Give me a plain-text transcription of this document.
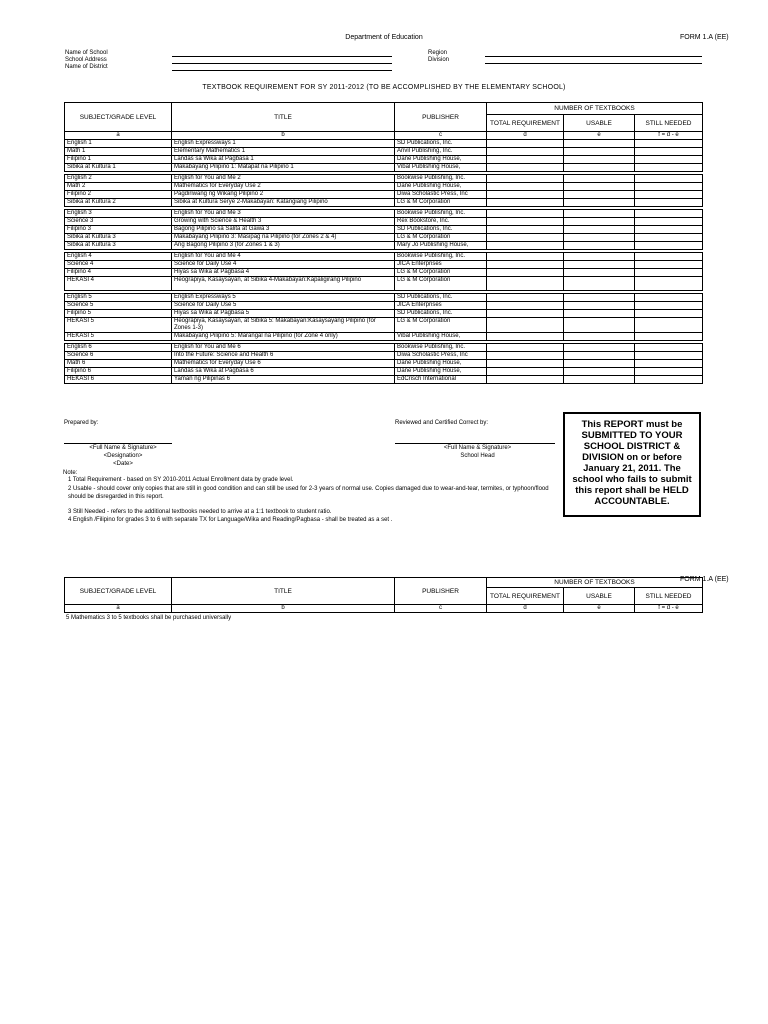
Department of Education	FORM 1.A (EE)
Name of School
School Address
Name of District
Region
Division
TEXTBOOK REQUIREMENT FOR SY 2011-2012 (TO BE ACCOMPLISHED BY THE ELEMENTARY SCHOOL)
SUBJECT/GRADE LEVEL	TITLE	PUBLISHER	NUMBER OF TEXTBOOKS		
			TOTAL REQUIREMENT	USABLE	STILL NEEDED
a	b	c	d	e	f = d - e
English 1	English Expressways 1	SD Publications, Inc.			
Math 1	Elementary Mathematics 1	Anvil Publishing, Inc.			
Filipino 1	Landas sa Wika at Pagbasa 1	Dane Publishing House,			
Sibika at Kultura 1	Makabayang Pilipino 1: Matapat na Pilipino 1	Vibal Publishing House,			

English 2	English for You and Me 2	Bookwise Publishing, Inc.			
Math 2	Mathematics for Everyday Use 2	Dane Publishing House,			
Filipino 2	Pagdiriwang ng Wikang Pilipino 2	Diwa Scholastic Press, Inc			
Sibika at Kultura 2	Sibika at Kultura Serye 2-Makabayan: Katangiang Pilipino	LG & M Corporation			

English 3	English for You and Me 3	Bookwise Publishing, Inc.			
Science 3	Growing with Science & Health 3	Rex Bookstore, Inc.			
Filipino 3	Bagong Pilipino sa Salita at Gawa 3	SD Publications, Inc.			
Sibika at Kultura 3	Makabayang Pilipino 3: Masipag na Pilipino (for Zones 2 & 4)	LG & M Corporation			
Sibika at Kultura 3	Ang Bagong Pilipino 3 (for Zones 1 & 3)	Mary Jo Publishing House,			

English 4	English for You and Me 4	Bookwise Publishing, Inc.			
Science 4	Science for Daily Use 4	JICA Enterprises			
Filipino 4	Hiyas sa Wika at Pagbasa 4	LG & M Corporation			
HEKASI 4	Heograpiya, Kasaysayan, at Sibika 4-Makabayan:Kapaligirang Pilipino	LG & M Corporation			

English 5	English Expressways 5	SD Publications, Inc.			
Science 5	Science for Daily Use 5	JICA Enterprises			
Filipino 5	Hiyas sa Wika at Pagbasa 5	SD Publications, Inc.			
HEKASI 5	Heograpiya, Kasaysayan, at Sibika 5: Makabayan:Kasaysayang Pilipino (for Zones 1-3)	LG & M Corporation			
HEKASI 5	Makabayang Pilipino 5: Marangal na Pilipino (for Zone 4 only)	Vibal Publishing House,			

English 6	English for You and Me 6	Bookwise Publishing, Inc.			
Science 6	Into the Future: Science and Health 6	Diwa Scholastic Press, Inc			
Math 6	Mathematics for Everyday Use 6	Dane Publishing House,			
Filipino 6	Landas sa Wika at Pagbasa 6	Dane Publishing House,			
HEKASI 6	Yaman ng Pilipinas 6	EdCrisch International			
Prepared by:	Reviewed and Certified Correct by:
<Full Name & Signature>
<Designation>
<Date>
<Full Name & Signature>
School Head
This REPORT must be SUBMITTED TO YOUR SCHOOL DISTRICT & DIVISION on or before January 21, 2011. The school who fails to submit this report shall be HELD ACCOUNTABLE.
Note:
1 Total Requirement - based on SY 2010-2011 Actual Enrollment data by grade level.
2 Usable - should cover only copies that are still in good condition and can still be used for 2-3 years of normal use. Copies damaged due to wear-and-tear, termites, or typhoon/flood should be disregarded in this report.
3 Still Needed - refers to the additional textbooks needed to arrive at a 1:1 textbook to student ratio.
4 English /Filipino for grades 3 to 6 with separate TX for Language/Wika and Reading/Pagbasa - shall be treated as a set .
FORM 1.A (EE)
SUBJECT/GRADE LEVEL	TITLE	PUBLISHER	NUMBER OF TEXTBOOKS		
			TOTAL REQUIREMENT	USABLE	STILL NEEDED
a	b	c	d	e	f = d - e
5 Mathematics 3 to 5 textbooks shall be purchased universally
